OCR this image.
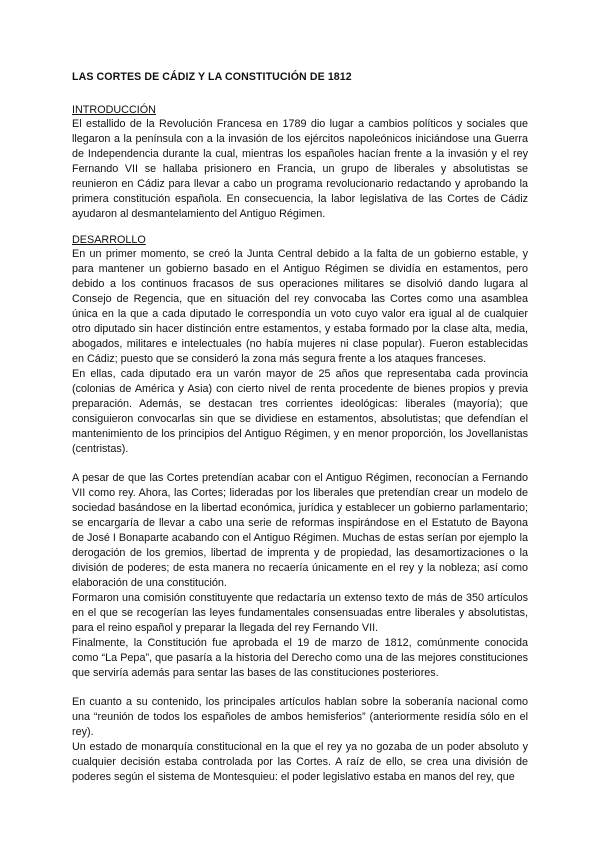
LAS CORTES DE CÁDIZ Y LA CONSTITUCIÓN DE 1812
INTRODUCCIÓN

El estallido de la Revolución Francesa en 1789 dio lugar a cambios políticos y sociales que llegaron a la península con a la invasión de los ejércitos napoleónicos iniciándose una Guerra de Independencia durante la cual, mientras los españoles hacían frente a la invasión y el rey Fernando VII se hallaba prisionero en Francia, un grupo de liberales y absolutistas se reunieron en Cádiz para llevar a cabo un programa revolucionario redactando y aprobando la primera constitución española. En consecuencia, la labor legislativa de las Cortes de Cádiz ayudaron al desmantelamiento del Antiguo Régimen.

DESARROLLO

En un primer momento, se creó la Junta Central debido a la falta de un gobierno estable, y para mantener un gobierno basado en el Antiguo Régimen se dividía en estamentos, pero debido a los continuos fracasos de sus operaciones militares se disolvió dando lugara al Consejo de Regencia, que en situación del rey convocaba las Cortes como una asamblea única en la que a cada diputado le correspondía un voto cuyo valor era igual al de cualquier otro diputado sin hacer distinción entre estamentos, y estaba formado por la clase alta, media, abogados, militares e intelectuales (no había mujeres ni clase popular). Fueron establecidas en Cádiz; puesto que se consideró la zona más segura frente a los ataques franceses.

En ellas, cada diputado era un varón mayor de 25 años que representaba cada provincia (colonias de América y Asia) con cierto nivel de renta procedente de bienes propios y previa preparación. Además, se destacan tres corrientes ideológicas: liberales (mayoría); que consiguieron convocarlas sin que se dividiese en estamentos, absolutistas; que defendían el mantenimiento de los principios del Antiguo Régimen, y en menor proporción, los Jovellanistas (centristas).

A pesar de que las Cortes pretendían acabar con el Antiguo Régimen, reconocían a Fernando VII como rey. Ahora, las Cortes; lideradas por los liberales que pretendían crear un modelo de sociedad basándose en la libertad económica, jurídica y establecer un gobierno parlamentario; se encargaría de llevar a cabo una serie de reformas inspirándose en el Estatuto de Bayona de José I Bonaparte acabando con el Antiguo Régimen. Muchas de estas serían por ejemplo la derogación de los gremios, libertad de imprenta y de propiedad, las desamortizaciones o la división de poderes; de esta manera no recaería únicamente en el rey y la nobleza; así como elaboración de una constitución.

Formaron una comisión constituyente que redactaría un extenso texto de más de 350 artículos en el que se recogerían las leyes fundamentales consensuadas entre liberales y absolutistas, para el reino español y preparar la llegada del rey Fernando VII.

Finalmente, la Constitución fue aprobada el 19 de marzo de 1812, comúnmente conocida como “La Pepa”, que pasaría a la historia del Derecho como una de las mejores constituciones que serviría además para sentar las bases de las constituciones posteriores.

En cuanto a su contenido, los principales artículos hablan sobre la soberanía nacional como una “reunión de todos los españoles de ambos hemisferios” (anteriormente residía sólo en el rey).

Un estado de monarquía constitucional en la que el rey ya no gozaba de un poder absoluto y cualquier decisión estaba controlada por las Cortes. A raíz de ello, se crea una división de poderes según el sistema de Montesquieu: el poder legislativo estaba en manos del rey, que
